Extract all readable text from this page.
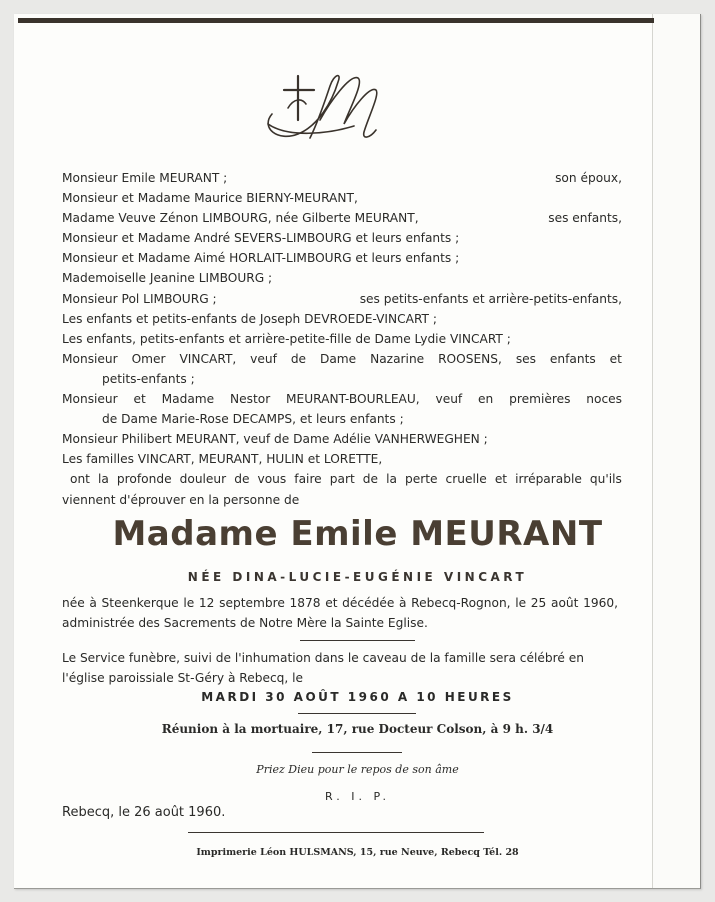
M
Monsieur Emile MEURANT ;	son époux,
Monsieur et Madame Maurice BIERNY-MEURANT,
Madame Veuve Zénon LIMBOURG, née Gilberte MEURANT,	ses enfants,
Monsieur et Madame André SEVERS-LIMBOURG et leurs enfants ;
Monsieur et Madame Aimé HORLAIT-LIMBOURG et leurs enfants ;
Mademoiselle Jeanine LIMBOURG ;
Monsieur Pol LIMBOURG ;	ses petits-enfants et arrière-petits-enfants,
Les enfants et petits-enfants de Joseph DEVROEDE-VINCART ;
Les enfants, petits-enfants et arrière-petite-fille de Dame Lydie VINCART ;
Monsieur Omer VINCART, veuf de Dame Nazarine ROOSENS, ses enfants et
petits-enfants ;
Monsieur et Madame Nestor MEURANT-BOURLEAU, veuf en premières noces
de Dame Marie-Rose DECAMPS, et leurs enfants ;
Monsieur Philibert MEURANT, veuf de Dame Adélie VANHERWEGHEN ;
Les familles VINCART, MEURANT, HULIN et LORETTE,
ont la profonde douleur de vous faire part de la perte cruelle et irréparable qu'ils
viennent d'éprouver en la personne de
Madame Emile MEURANT
NÉE DINA-LUCIE-EUGÉNIE VINCART
née à Steenkerque le 12 septembre 1878 et décédée à Rebecq-Rognon, le 25 août 1960, administrée des Sacrements de Notre Mère la Sainte Eglise.
Le Service funèbre, suivi de l'inhumation dans le caveau de la famille sera célébré en l'église paroissiale St-Géry à Rebecq, le
MARDI 30 AOÛT 1960 A 10 HEURES
Réunion à la mortuaire, 17, rue Docteur Colson, à 9 h. 3/4
Priez Dieu pour le repos de son âme
R. I. P.
Rebecq, le 26 août 1960.
Imprimerie Léon HULSMANS, 15, rue Neuve, Rebecq Tél. 28
